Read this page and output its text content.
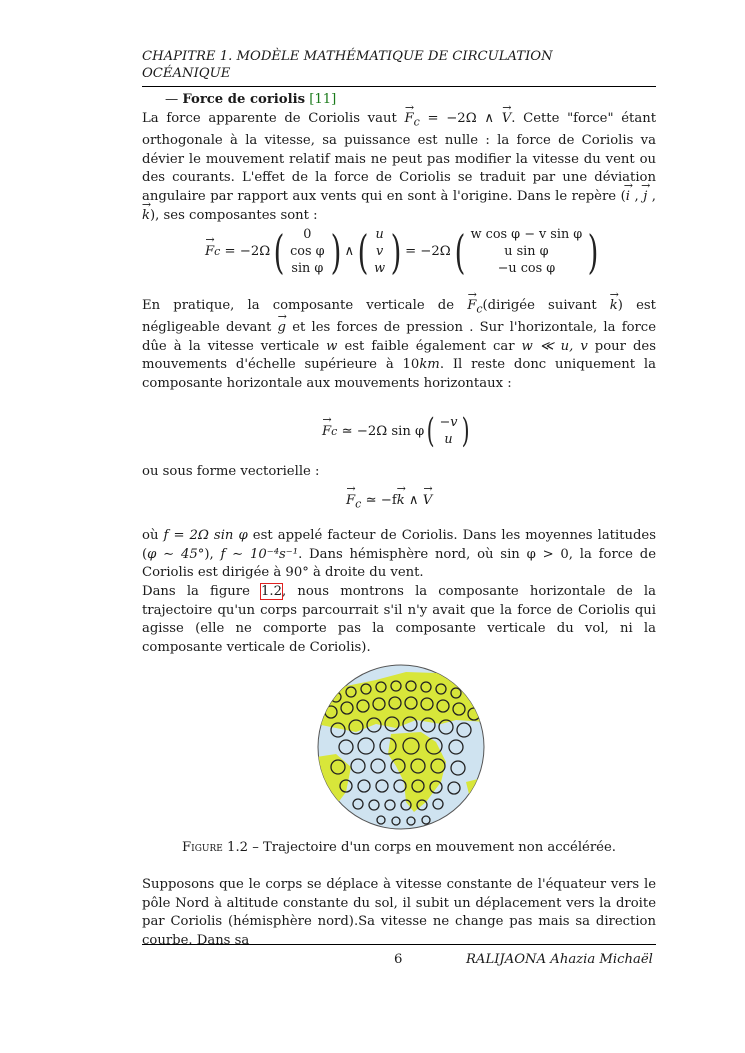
CHAPITRE 1. MODÈLE MATHÉMATIQUE DE CIRCULATION
OCÉANIQUE
— Force de coriolis [11]
La force apparente de Coriolis vaut → $F_c = -2\Omega$ ∧ → V. Cette "force" étant orthogonale à la vitesse, sa puissance est nulle : la force de Coriolis va dévier le mouvement relatif mais ne peut pas modifier la vitesse du vent ou des courants. L'effet de la force de Coriolis se traduit par une déviation angulaire par rapport aux vents qui en sont à l'origine. Dans le repère (→ i , → j , → k), ses composantes sont :
→ F c
= −2Ω ( 0
cos φ
sin φ ) ∧ ( u
v
w ) = −2Ω ( w cos φ − v sin φ
u sin φ
−u cos φ )
En pratique, la composante verticale de → $F_c(dirigée$ suivant → k) est négligeable devant → g et les forces de pression . Sur l'horizontale, la force dûe à la vitesse verticale w est faible également car w ≪ u, v pour des mouvements d'échelle supérieure à 10km. Il reste donc uniquement la composante horizontale aux mouvements horizontaux :
→ F c
≃ −2Ω sin φ ( −v
u )
ou sous forme vectorielle :
→ $F_c$ ≃ −f→ k ∧ → V
où f = 2Ω sin φ est appelé facteur de Coriolis. Dans les moyennes latitudes (φ ∼ 45°), f ∼ 10⁻⁴s⁻¹. Dans hémisphère nord, où sin φ > 0, la force de Coriolis est dirigée à 90° à droite du vent.
Dans la figure 1.2, nous montrons la composante horizontale de la trajectoire qu'un corps parcourrait s'il n'y avait que la force de Coriolis qui agisse (elle ne comporte pas la composante verticale du vol, ni la composante verticale de Coriolis).
Figure 1.2 – Trajectoire d'un corps en mouvement non accélérée.
Supposons que le corps se déplace à vitesse constante de l'équateur vers le pôle Nord à altitude constante du sol, il subit un déplacement vers la droite par Coriolis (hémisphère nord).Sa vitesse ne change pas mais sa direction courbe. Dans sa
6	RALIJAONA Ahazia Michaël
